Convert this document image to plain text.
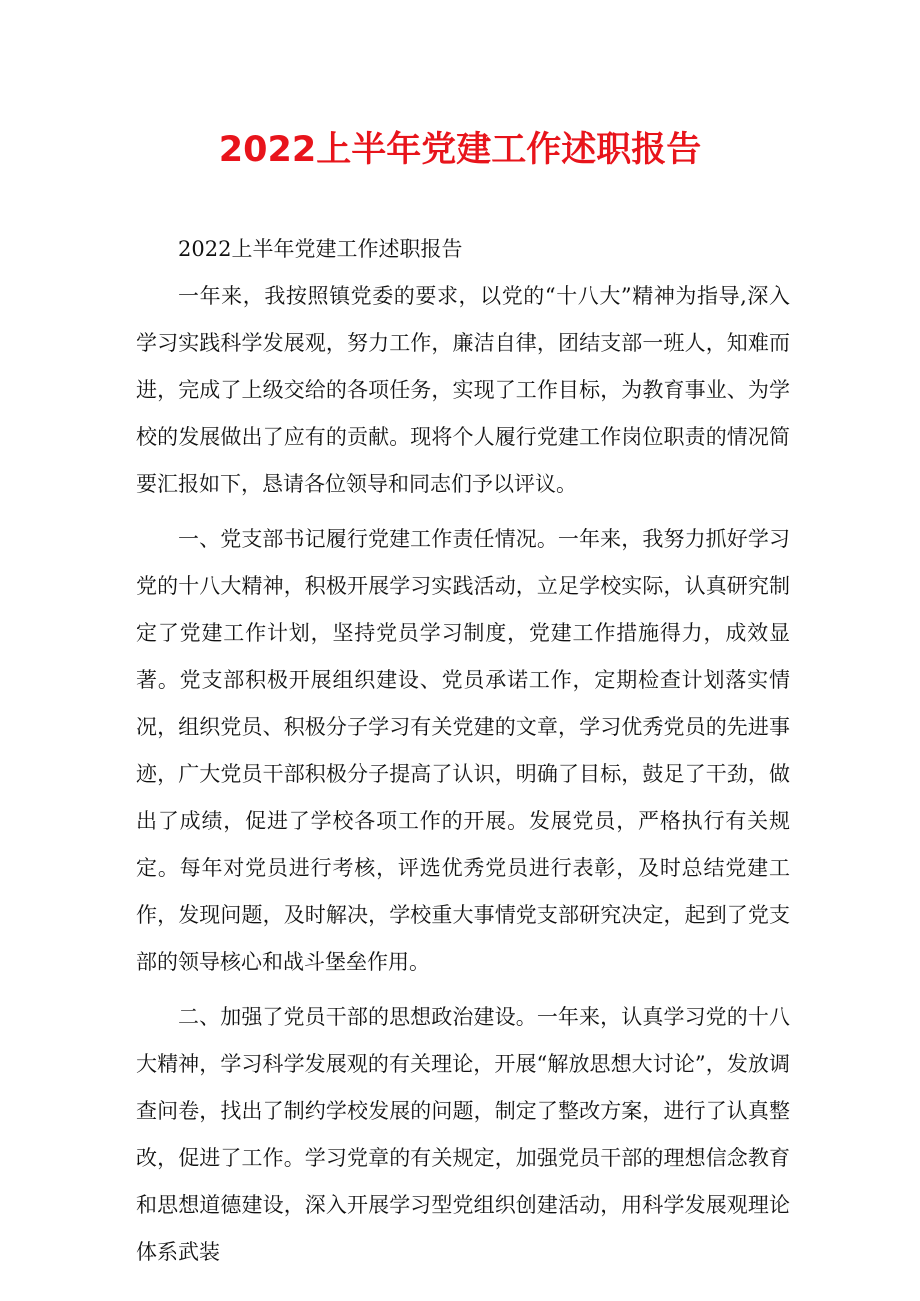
2022上半年党建工作述职报告

2022上半年党建工作述职报告

一年来，我按照镇党委的要求，以党的“十八大”精神为指导,深入学习实践科学发展观，努力工作，廉洁自律，团结支部一班人，知难而进，完成了上级交给的各项任务，实现了工作目标，为教育事业、为学校的发展做出了应有的贡献。现将个人履行党建工作岗位职责的情况简要汇报如下，恳请各位领导和同志们予以评议。

一、党支部书记履行党建工作责任情况。一年来，我努力抓好学习党的十八大精神，积极开展学习实践活动，立足学校实际，认真研究制定了党建工作计划，坚持党员学习制度，党建工作措施得力，成效显著。党支部积极开展组织建设、党员承诺工作，定期检查计划落实情况，组织党员、积极分子学习有关党建的文章，学习优秀党员的先进事迹，广大党员干部积极分子提高了认识，明确了目标，鼓足了干劲，做出了成绩，促进了学校各项工作的开展。发展党员，严格执行有关规定。每年对党员进行考核，评选优秀党员进行表彰，及时总结党建工作，发现问题，及时解决，学校重大事情党支部研究决定，起到了党支部的领导核心和战斗堡垒作用。

二、加强了党员干部的思想政治建设。一年来，认真学习党的十八大精神，学习科学发展观的有关理论，开展“解放思想大讨论”，发放调查问卷，找出了制约学校发展的问题，制定了整改方案，进行了认真整改，促进了工作。学习党章的有关规定，加强党员干部的理想信念教育和思想道德建设，深入开展学习型党组织创建活动，用科学发展观理论体系武装
